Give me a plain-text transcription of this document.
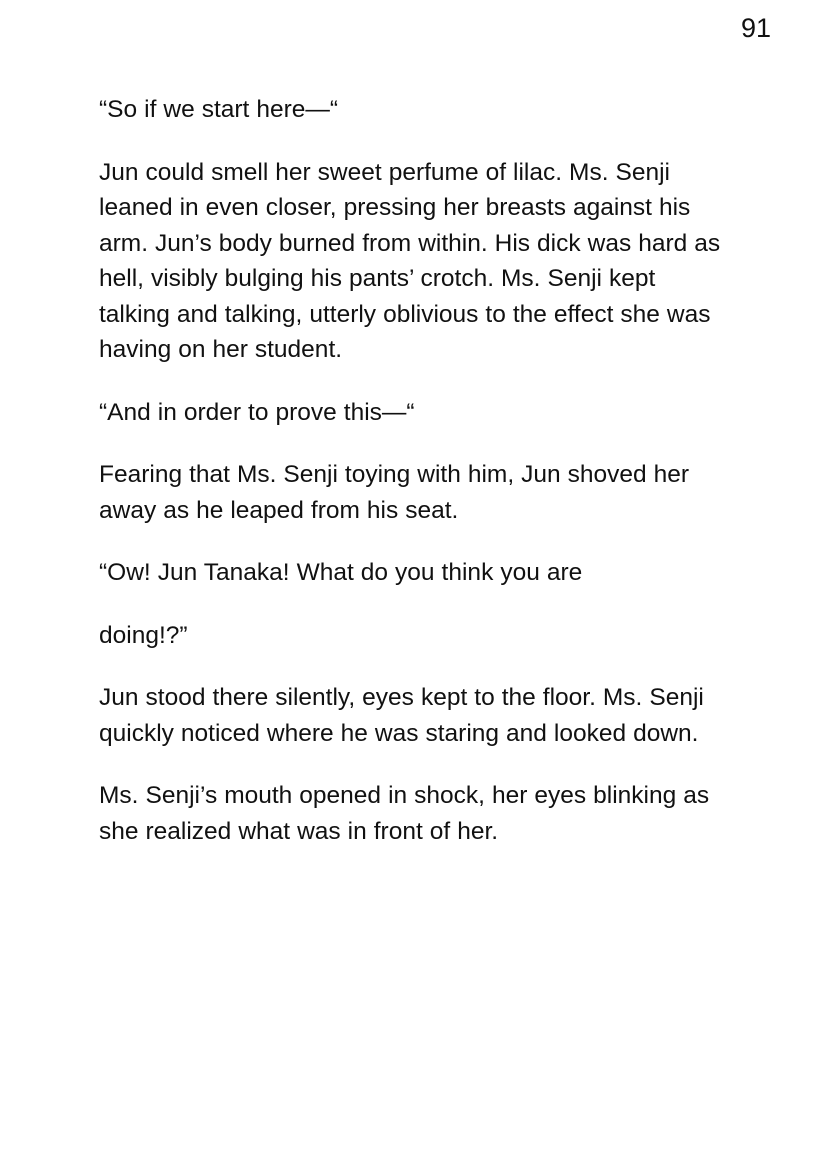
91

“So if we start here—“

Jun could smell her sweet perfume of lilac. Ms. Senji leaned in even closer, pressing her breasts against his arm. Jun’s body burned from within. His dick was hard as hell, visibly bulging his pants’ crotch. Ms. Senji kept talking and talking, utterly oblivious to the effect she was having on her student.

“And in order to prove this—“

Fearing that Ms. Senji toying with him, Jun shoved her away as he leaped from his seat.

“Ow! Jun Tanaka! What do you think you are

doing!?”

Jun stood there silently, eyes kept to the floor. Ms. Senji quickly noticed where he was staring and looked down.

Ms. Senji’s mouth opened in shock, her eyes blinking as she realized what was in front of her.
